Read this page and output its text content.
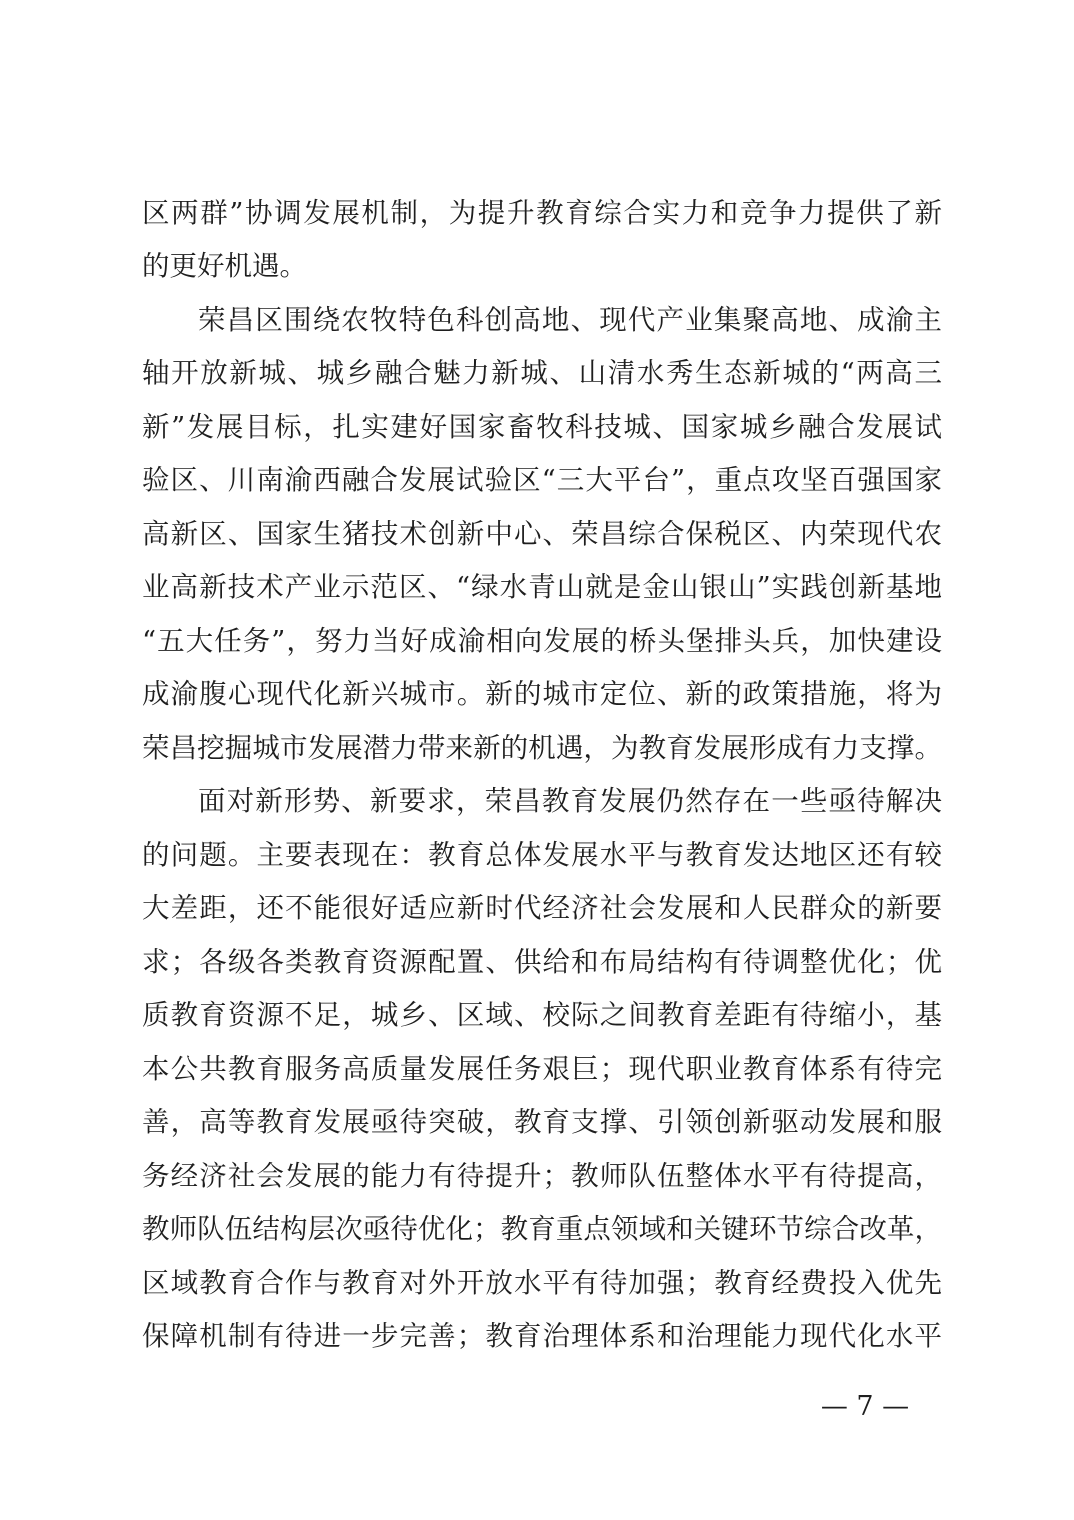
区两群”协调发展机制，为提升教育综合实力和竞争力提供了新
的更好机遇。
荣昌区围绕农牧特色科创高地、现代产业集聚高地、成渝主
轴开放新城、城乡融合魅力新城、山清水秀生态新城的“两高三
新”发展目标，扎实建好国家畜牧科技城、国家城乡融合发展试
验区、川南渝西融合发展试验区“三大平台”，重点攻坚百强国家
高新区、国家生猪技术创新中心、荣昌综合保税区、内荣现代农
业高新技术产业示范区、“绿水青山就是金山银山”实践创新基地
“五大任务”，努力当好成渝相向发展的桥头堡排头兵，加快建设
成渝腹心现代化新兴城市。新的城市定位、新的政策措施，将为
荣昌挖掘城市发展潜力带来新的机遇，为教育发展形成有力支撑。
面对新形势、新要求，荣昌教育发展仍然存在一些亟待解决
的问题。主要表现在：教育总体发展水平与教育发达地区还有较
大差距，还不能很好适应新时代经济社会发展和人民群众的新要
求；各级各类教育资源配置、供给和布局结构有待调整优化；优
质教育资源不足，城乡、区域、校际之间教育差距有待缩小，基
本公共教育服务高质量发展任务艰巨；现代职业教育体系有待完
善，高等教育发展亟待突破，教育支撑、引领创新驱动发展和服
务经济社会发展的能力有待提升；教师队伍整体水平有待提高，
教师队伍结构层次亟待优化；教育重点领域和关键环节综合改革，
区域教育合作与教育对外开放水平有待加强；教育经费投入优先
保障机制有待进一步完善；教育治理体系和治理能力现代化水平
— 7 —
